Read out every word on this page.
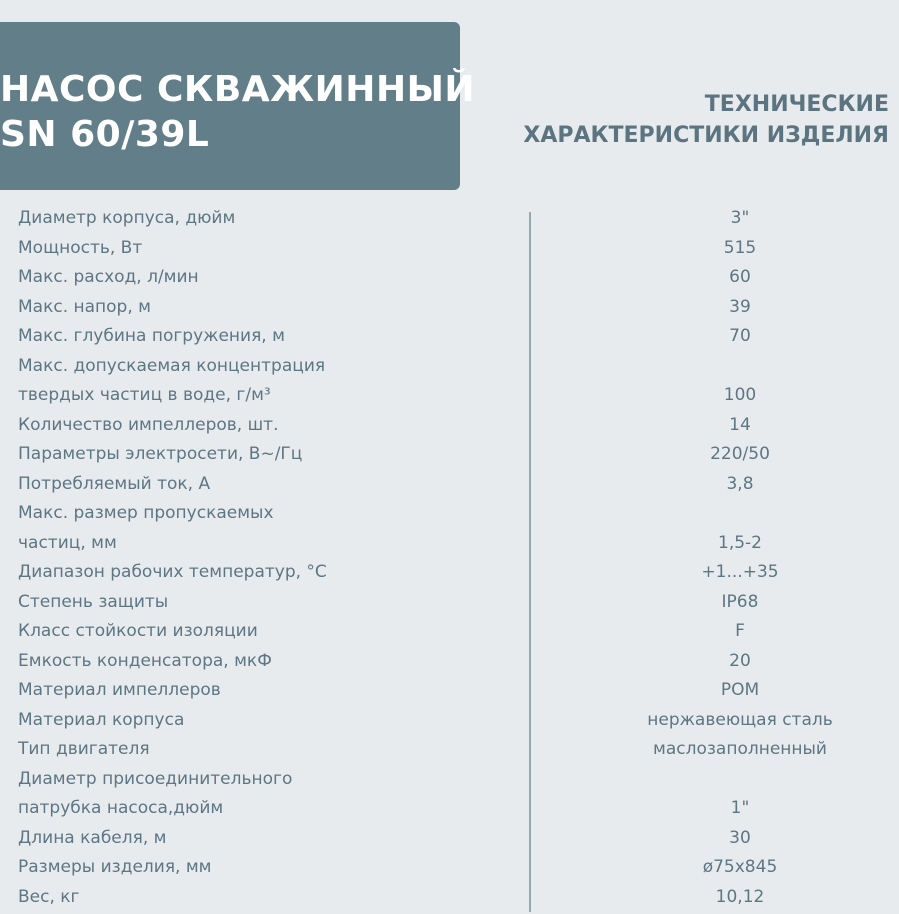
НАСОС СКВАЖИННЫЙ
SN 60/39L
ТЕХНИЧЕСКИЕ
ХАРАКТЕРИСТИКИ ИЗДЕЛИЯ
Диаметр корпуса, дюйм	3"
Мощность, Вт	515
Макс. расход, л/мин	60
Макс. напор, м	39
Макс. глубина погружения, м	70
Макс. допускаемая концентрация
твердых частиц в воде, г/м³	100
Количество импеллеров, шт.	14
Параметры электросети, В~/Гц	220/50
Потребляемый ток, А	3,8
Макс. размер пропускаемых
частиц, мм	1,5-2
Диапазон рабочих температур, °С	+1...+35
Степень защиты	IP68
Класс стойкости изоляции	F
Емкость конденсатора, мкФ	20
Материал импеллеров	POM
Материал корпуса	нержавеющая сталь
Тип двигателя	маслозаполненный
Диаметр присоединительного
патрубка насоса,дюйм	1"
Длина кабеля, м	30
Размеры изделия, мм	ø75x845
Вес, кг	10,12
